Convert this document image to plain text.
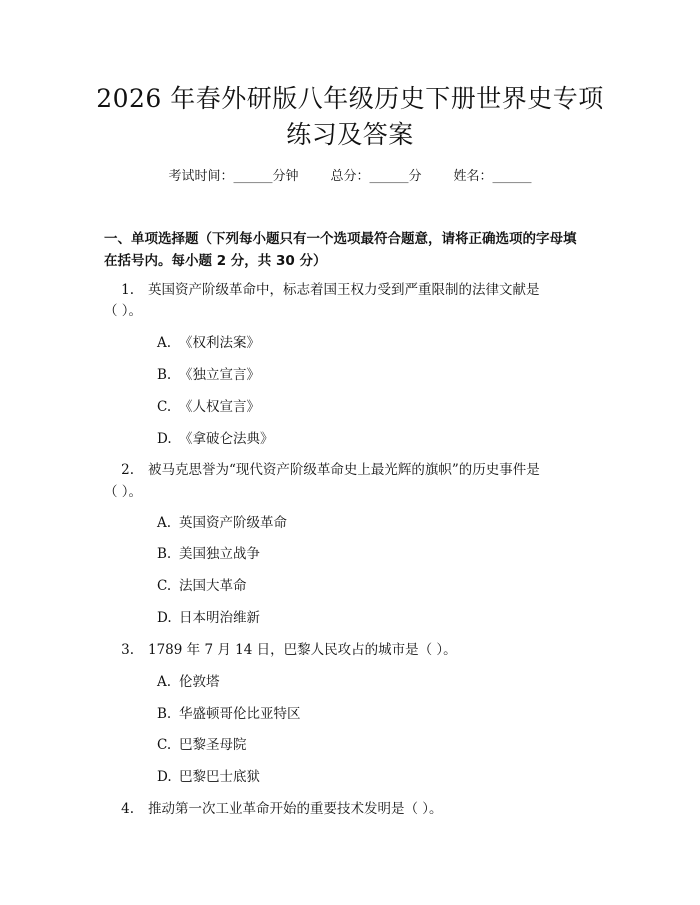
2026 年春外研版八年级历史下册世界史专项
练习及答案
考试时间：______分钟 总分：______分 姓名：______
一、单项选择题（下列每小题只有一个选项最符合题意，请将正确选项的字母填
在括号内。每小题 2 分，共 30 分）
1. 英国资产阶级革命中，标志着国王权力受到严重限制的法律文献是
（ ）。
A. 《权利法案》
B. 《独立宣言》
C. 《人权宣言》
D. 《拿破仑法典》
2. 被马克思誉为“现代资产阶级革命史上最光辉的旗帜”的历史事件是
（ ）。
A. 英国资产阶级革命
B. 美国独立战争
C. 法国大革命
D. 日本明治维新
3. 1789 年 7 月 14 日，巴黎人民攻占的城市是（ ）。
A. 伦敦塔
B. 华盛顿哥伦比亚特区
C. 巴黎圣母院
D. 巴黎巴士底狱
4. 推动第一次工业革命开始的重要技术发明是（ ）。
